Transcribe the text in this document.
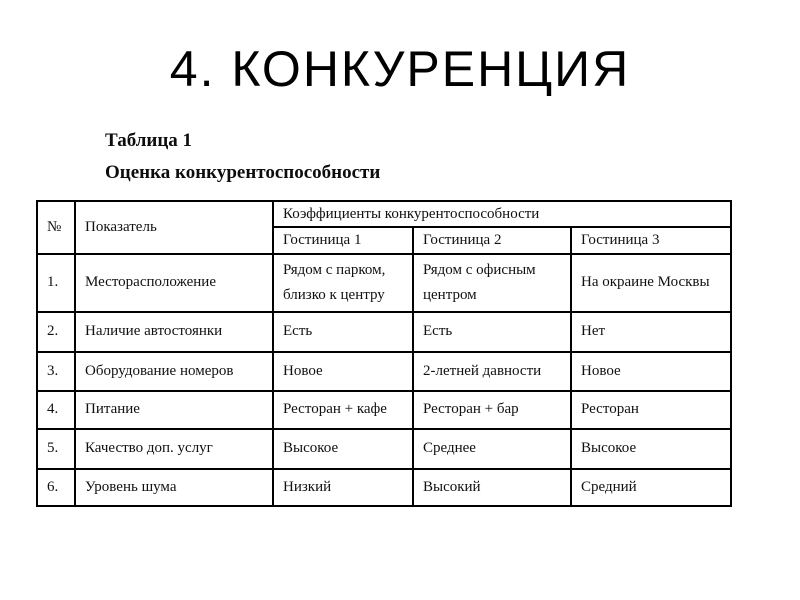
4. КОНКУРЕНЦИЯ
Таблица 1
Оценка конкурентоспособности
№	Показатель	Коэффициенты конкурентоспособности		
		Гостиница 1	Гостиница 2	Гостиница 3
1.	Месторасположение	Рядом с парком, близко к центру	Рядом с офисным центром	На окраине Москвы
2.	Наличие автостоянки	Есть	Есть	Нет
3.	Оборудование номеров	Новое	2-летней давности	Новое
4.	Питание	Ресторан + кафе	Ресторан + бар	Ресторан
5.	Качество доп. услуг	Высокое	Среднее	Высокое
6.	Уровень шума	Низкий	Высокий	Средний
